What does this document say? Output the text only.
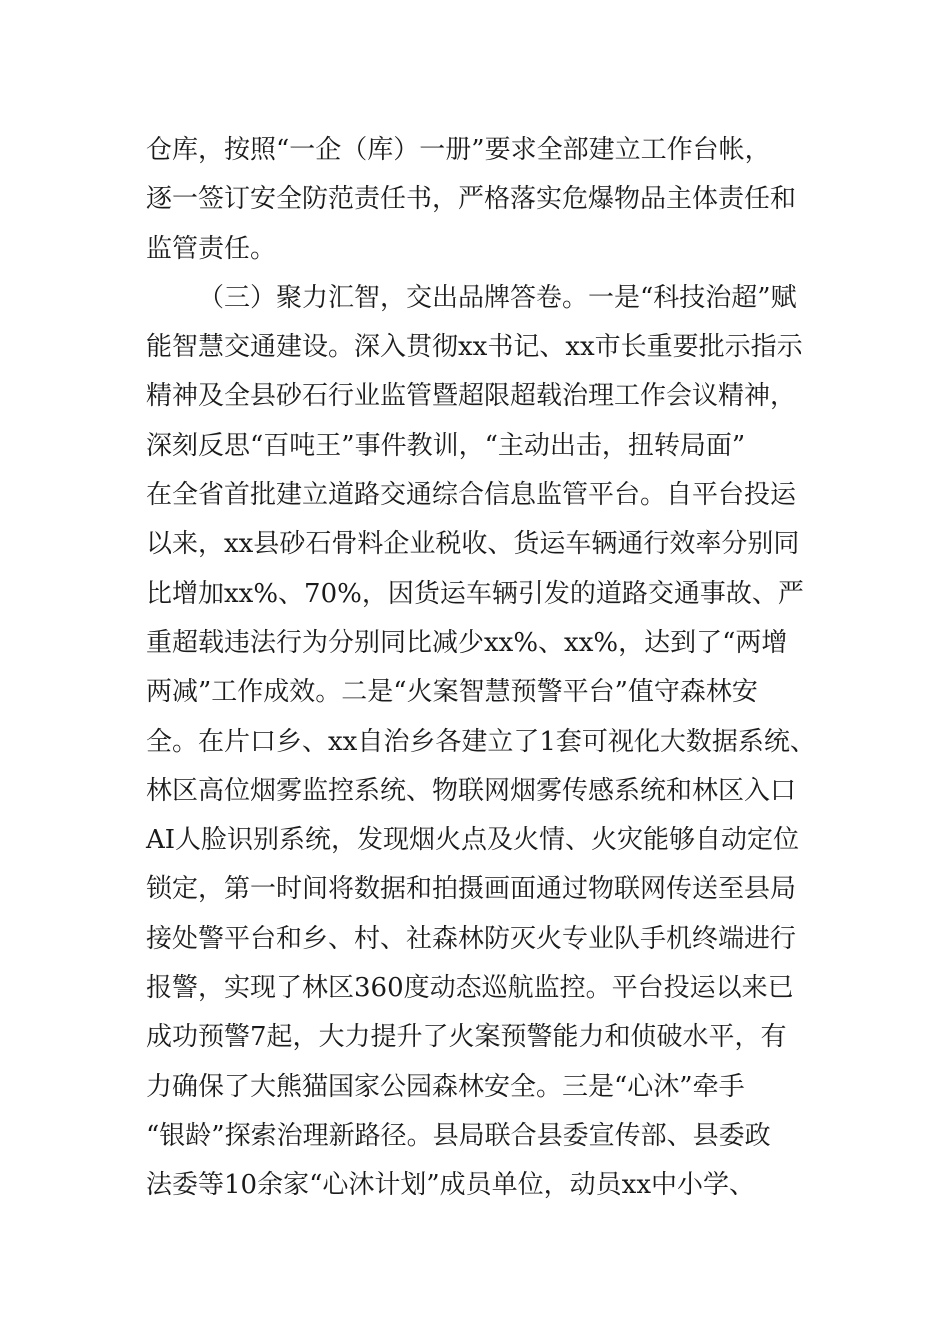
仓库，按照“一企（库）一册”要求全部建立工作台帐，
逐一签订安全防范责任书，严格落实危爆物品主体责任和
监管责任。
（三）聚力汇智，交出品牌答卷。一是“科技治超”赋
能智慧交通建设。深入贯彻xx书记、xx市长重要批示指示
精神及全县砂石行业监管暨超限超载治理工作会议精神，
深刻反思“百吨王”事件教训，“主动出击，扭转局面”
在全省首批建立道路交通综合信息监管平台。自平台投运
以来，xx县砂石骨料企业税收、货运车辆通行效率分别同
比增加xx%、70%，因货运车辆引发的道路交通事故、严
重超载违法行为分别同比减少xx%、xx%，达到了“两增
两减”工作成效。二是“火案智慧预警平台”值守森林安
全。在片口乡、xx自治乡各建立了1套可视化大数据系统、
林区高位烟雾监控系统、物联网烟雾传感系统和林区入口
AI人脸识别系统，发现烟火点及火情、火灾能够自动定位
锁定，第一时间将数据和拍摄画面通过物联网传送至县局
接处警平台和乡、村、社森林防灭火专业队手机终端进行
报警，实现了林区360度动态巡航监控。平台投运以来已
成功预警7起，大力提升了火案预警能力和侦破水平，有
力确保了大熊猫国家公园森林安全。三是“心沐”牵手
“银龄”探索治理新路径。县局联合县委宣传部、县委政
法委等10余家“心沐计划”成员单位，动员xx中小学、
